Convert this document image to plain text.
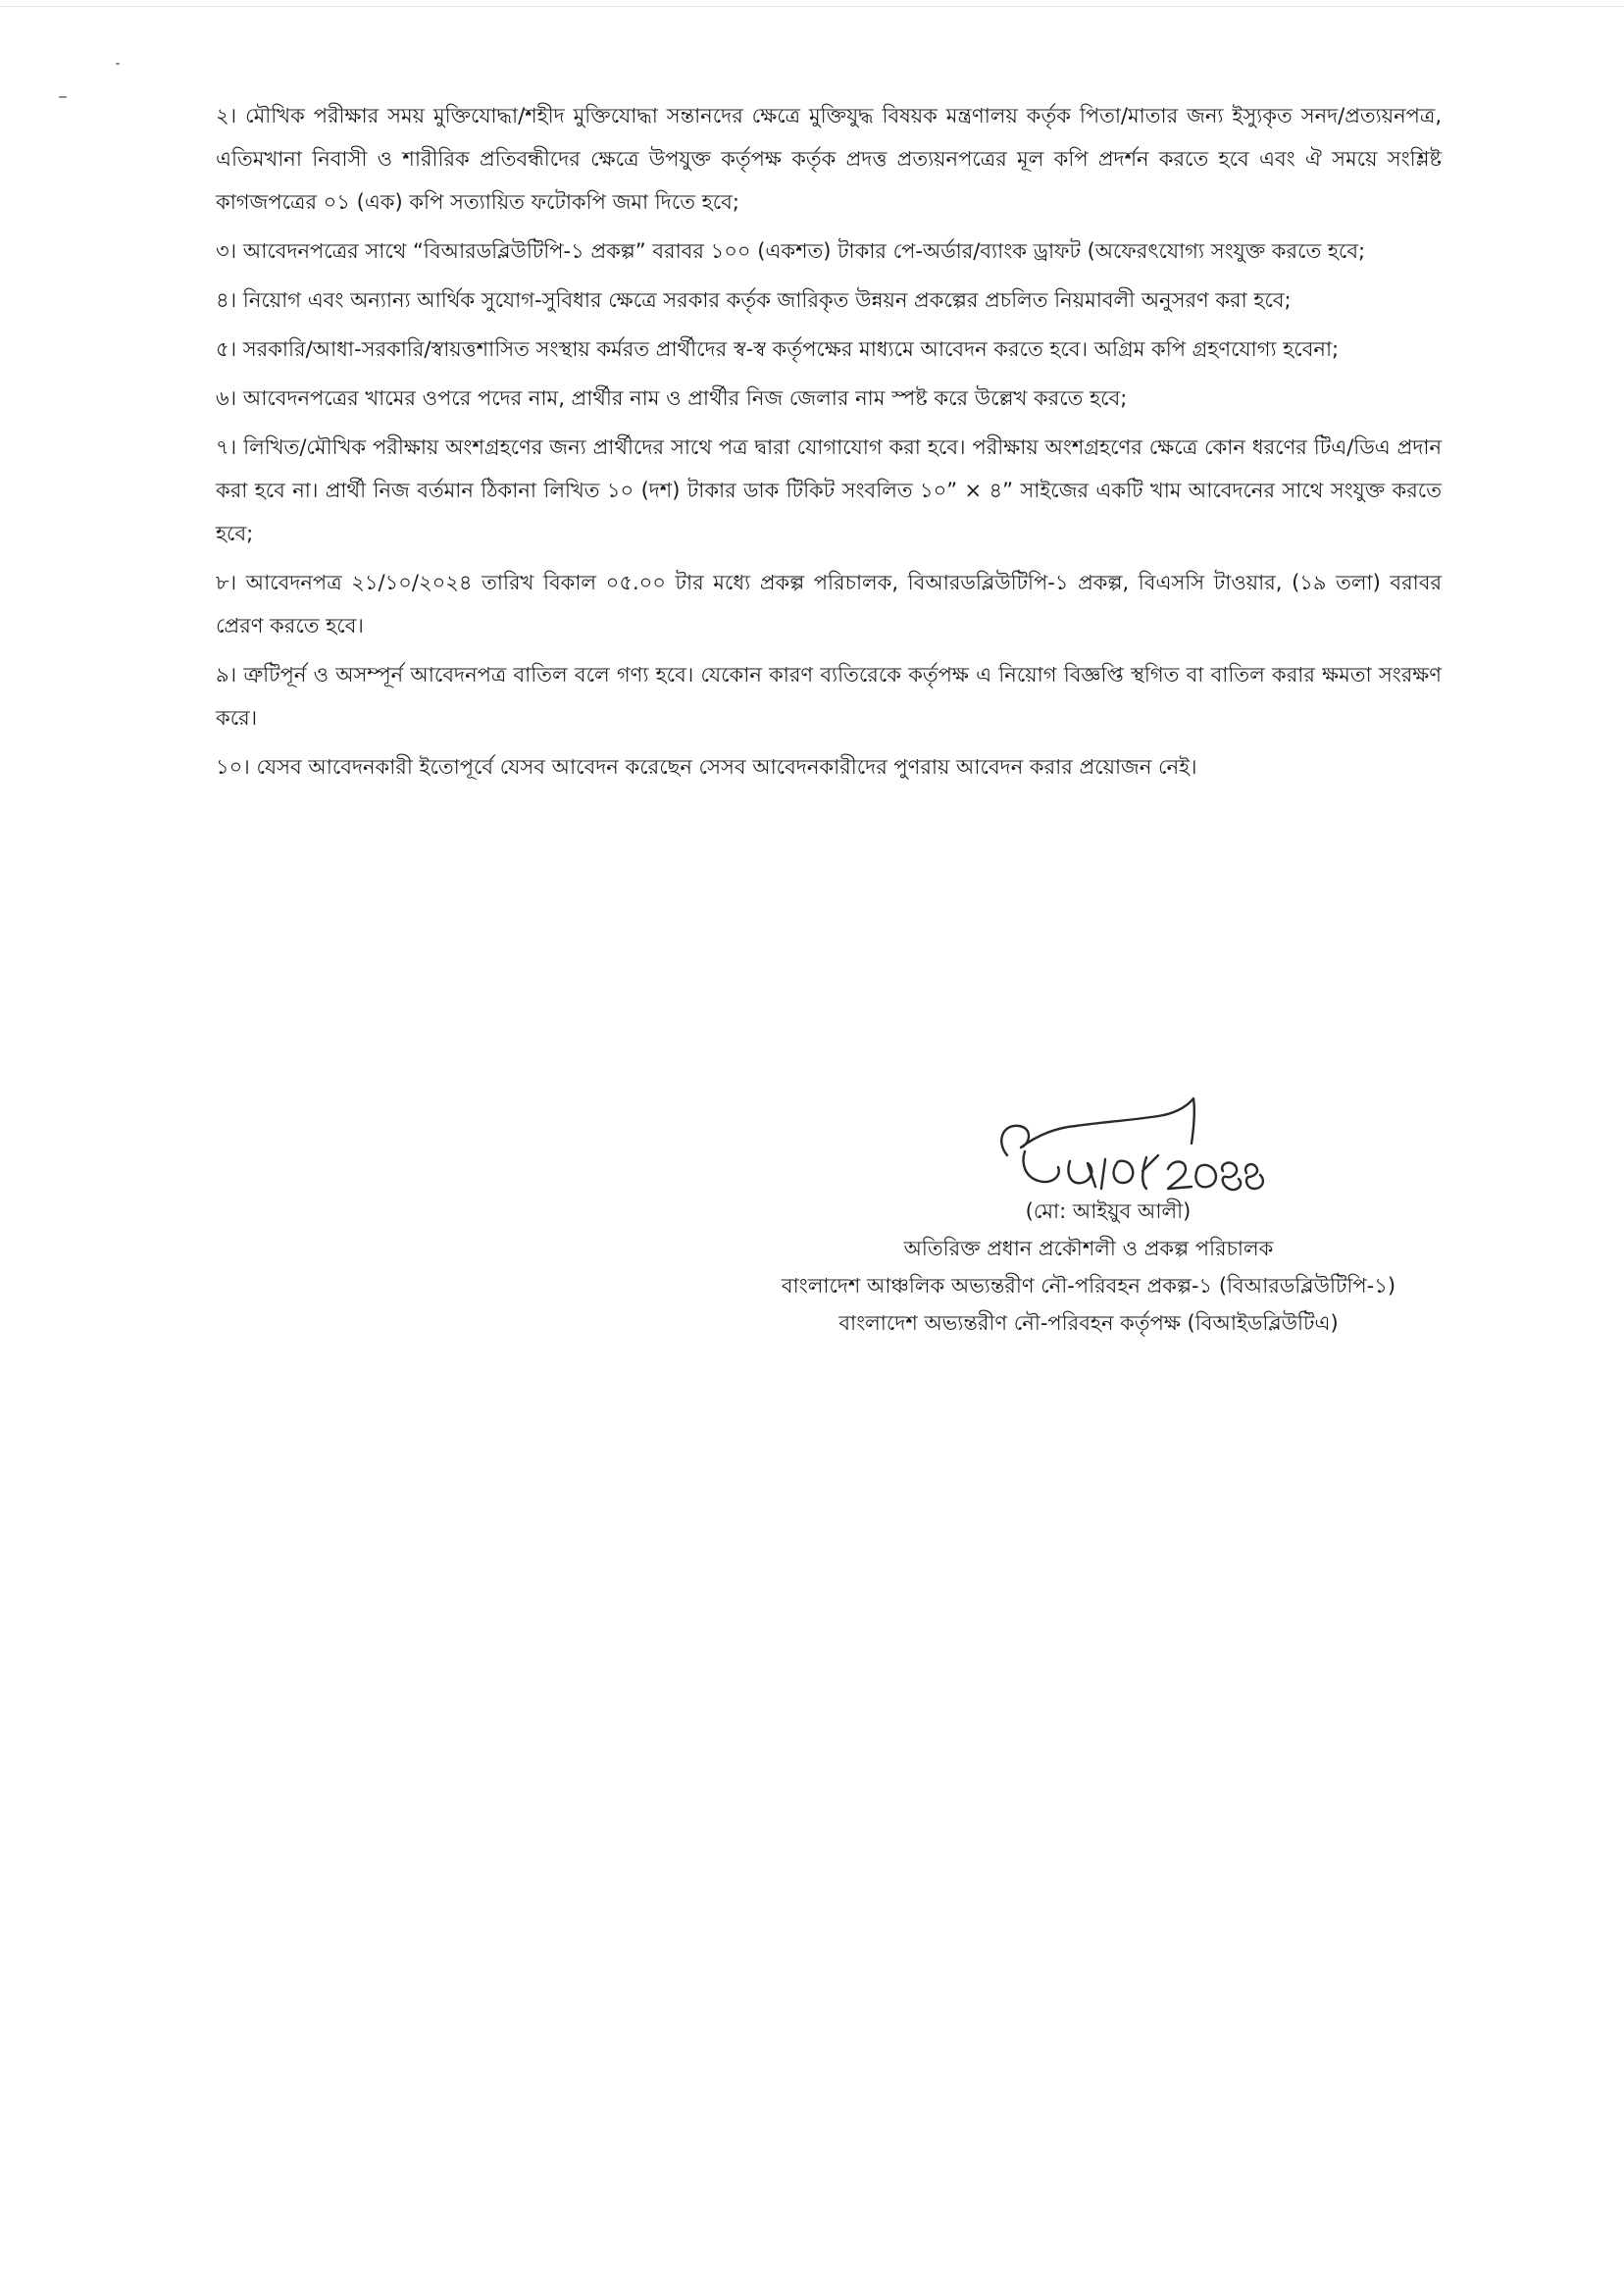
২। মৌখিক পরীক্ষার সময় মুক্তিযোদ্ধা/শহীদ মুক্তিযোদ্ধা সন্তানদের ক্ষেত্রে মুক্তিযুদ্ধ বিষয়ক মন্ত্রণালয় কর্তৃক পিতা/মাতার জন্য ইস্যুকৃত সনদ/প্রত্যয়নপত্র, এতিমখানা নিবাসী ও শারীরিক প্রতিবন্ধীদের ক্ষেত্রে উপযুক্ত কর্তৃপক্ষ কর্তৃক প্রদত্ত প্রত্যয়নপত্রের মূল কপি প্রদর্শন করতে হবে এবং ঐ সময়ে সংশ্লিষ্ট কাগজপত্রের ০১ (এক) কপি সত্যায়িত ফটোকপি জমা দিতে হবে;

৩। আবেদনপত্রের সাথে “বিআরডব্লিউটিপি-১ প্রকল্প” বরাবর ১০০ (একশত) টাকার পে-অর্ডার/ব্যাংক ড্রাফট (অফেরৎযোগ্য সংযুক্ত করতে হবে;

৪। নিয়োগ এবং অন্যান্য আর্থিক সুযোগ-সুবিধার ক্ষেত্রে সরকার কর্তৃক জারিকৃত উন্নয়ন প্রকল্পের প্রচলিত নিয়মাবলী অনুসরণ করা হবে;

৫। সরকারি/আধা-সরকারি/স্বায়ত্তশাসিত সংস্থায় কর্মরত প্রার্থীদের স্ব-স্ব কর্তৃপক্ষের মাধ্যমে আবেদন করতে হবে। অগ্রিম কপি গ্রহণযোগ্য হবেনা;

৬। আবেদনপত্রের খামের ওপরে পদের নাম, প্রার্থীর নাম ও প্রার্থীর নিজ জেলার নাম স্পষ্ট করে উল্লেখ করতে হবে;

৭। লিখিত/মৌখিক পরীক্ষায় অংশগ্রহণের জন্য প্রার্থীদের সাথে পত্র দ্বারা যোগাযোগ করা হবে। পরীক্ষায় অংশগ্রহণের ক্ষেত্রে কোন ধরণের টিএ/ডিএ প্রদান করা হবে না। প্রার্থী নিজ বর্তমান ঠিকানা লিখিত ১০ (দশ) টাকার ডাক টিকিট সংবলিত ১০” × ৪” সাইজের একটি খাম আবেদনের সাথে সংযুক্ত করতে হবে;

৮। আবেদনপত্র ২১/১০/২০২৪ তারিখ বিকাল ০৫.০০ টার মধ্যে প্রকল্প পরিচালক, বিআরডব্লিউটিপি-১ প্রকল্প, বিএসসি টাওয়ার, (১৯ তলা) বরাবর প্রেরণ করতে হবে।

৯। ত্রুটিপূর্ন ও অসম্পূর্ন আবেদনপত্র বাতিল বলে গণ্য হবে। যেকোন কারণ ব্যতিরেকে কর্তৃপক্ষ এ নিয়োগ বিজ্ঞপ্তি স্থগিত বা বাতিল করার ক্ষমতা সংরক্ষণ করে।

১০। যেসব আবেদনকারী ইতোপূর্বে যেসব আবেদন করেছেন সেসব আবেদনকারীদের পুণরায় আবেদন করার প্রয়োজন নেই।

(মো: আইয়ুব আলী)
অতিরিক্ত প্রধান প্রকৌশলী ও প্রকল্প পরিচালক
বাংলাদেশ আঞ্চলিক অভ্যন্তরীণ নৌ-পরিবহন প্রকল্প-১ (বিআরডব্লিউটিপি-১)
বাংলাদেশ অভ্যন্তরীণ নৌ-পরিবহন কর্তৃপক্ষ (বিআইডব্লিউটিএ)
